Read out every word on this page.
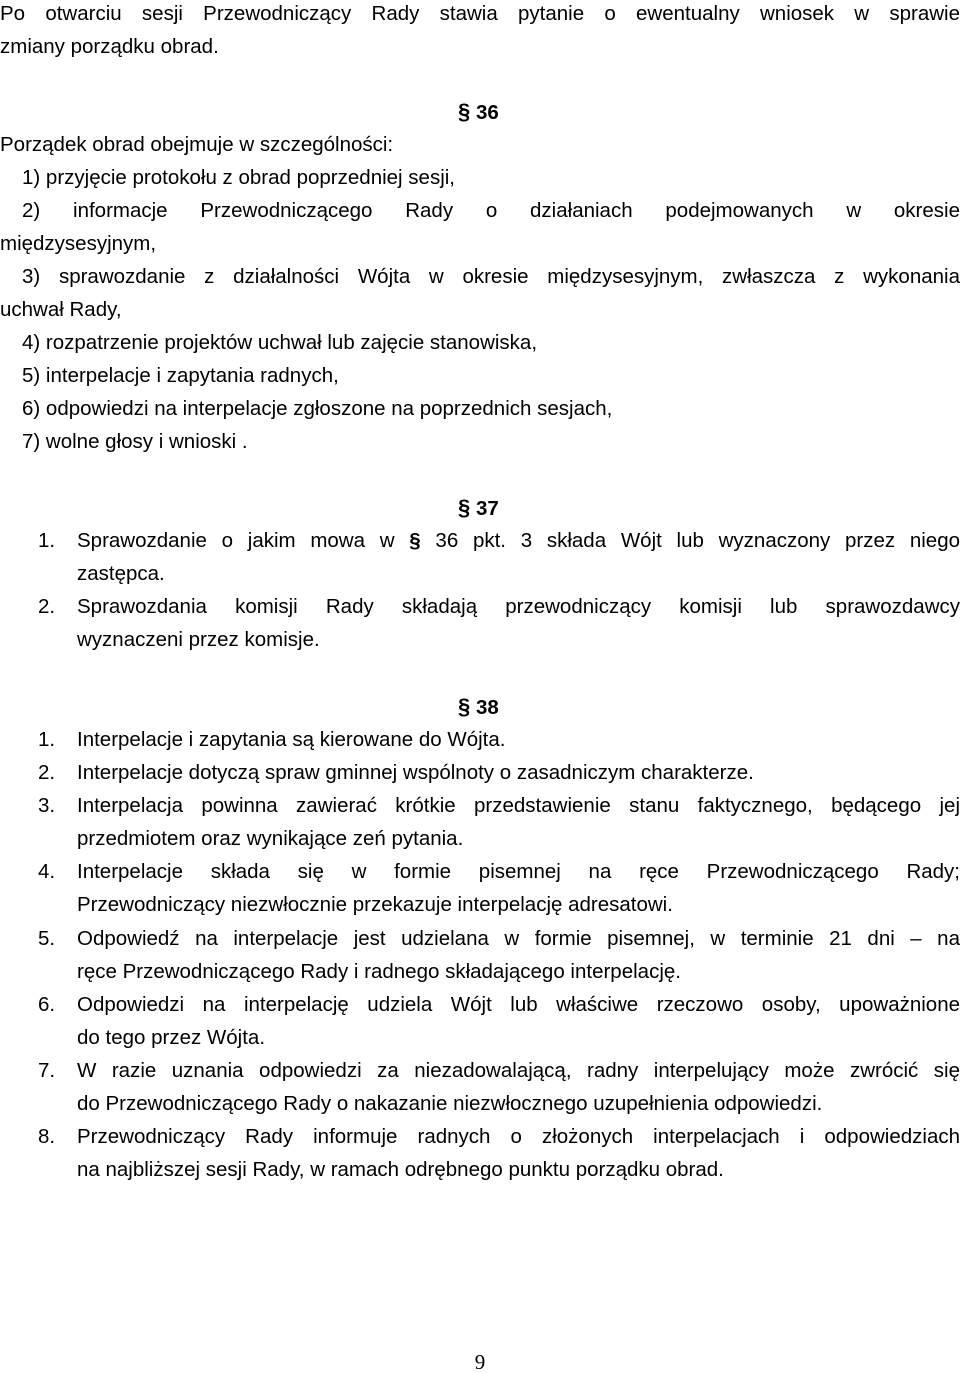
Po otwarciu sesji Przewodniczący Rady stawia pytanie o ewentualny wniosek w sprawie
zmiany porządku obrad.
§ 36
Porządek obrad obejmuje w szczególności:
1) przyjęcie protokołu z obrad poprzedniej sesji,
2) informacje Przewodniczącego Rady o działaniach podejmowanych w okresie
międzysesyjnym,
3) sprawozdanie z działalności Wójta w okresie międzysesyjnym, zwłaszcza z wykonania
uchwał Rady,
4) rozpatrzenie projektów uchwał lub zajęcie stanowiska,
5) interpelacje i zapytania radnych,
6) odpowiedzi na interpelacje zgłoszone na poprzednich sesjach,
7) wolne głosy i wnioski .
§ 37
1. Sprawozdanie o jakim mowa w § 36 pkt. 3 składa Wójt lub wyznaczony przez niego
zastępca.
2. Sprawozdania komisji Rady składają przewodniczący komisji lub sprawozdawcy
wyznaczeni przez komisje.
§ 38
1. Interpelacje i zapytania są kierowane do Wójta.
2. Interpelacje dotyczą spraw gminnej wspólnoty o zasadniczym charakterze.
3. Interpelacja powinna zawierać krótkie przedstawienie stanu faktycznego, będącego jej
przedmiotem oraz wynikające zeń pytania.
4. Interpelacje składa się w formie pisemnej na ręce Przewodniczącego Rady;
Przewodniczący niezwłocznie przekazuje interpelację adresatowi.
5. Odpowiedź na interpelacje jest udzielana w formie pisemnej, w terminie 21 dni – na
ręce Przewodniczącego Rady i radnego składającego interpelację.
6. Odpowiedzi na interpelację udziela Wójt lub właściwe rzeczowo osoby, upoważnione
do tego przez Wójta.
7. W razie uznania odpowiedzi za niezadowalającą, radny interpelujący może zwrócić się
do Przewodniczącego Rady o nakazanie niezwłocznego uzupełnienia odpowiedzi.
8. Przewodniczący Rady informuje radnych o złożonych interpelacjach i odpowiedziach
na najbliższej sesji Rady, w ramach odrębnego punktu porządku obrad.
9
